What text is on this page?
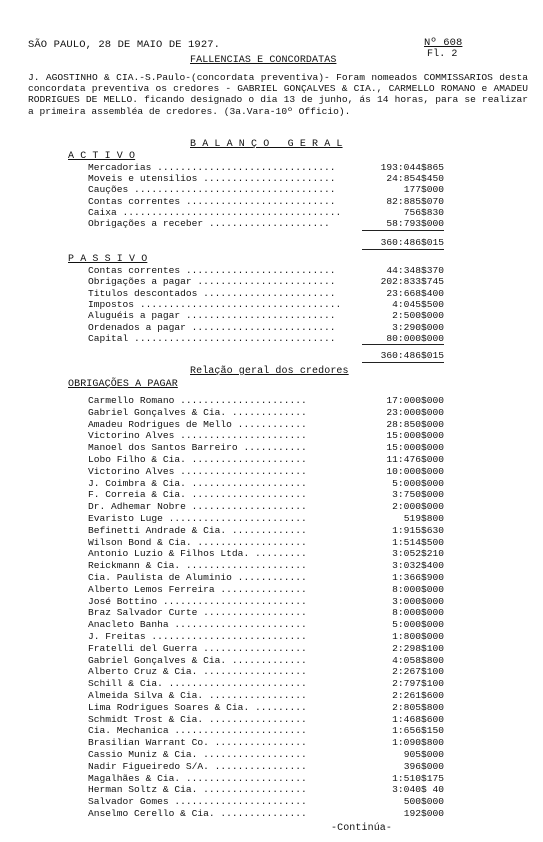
SÃO PAULO, 28 DE MAIO DE 1927.	Nº 608
Fl. 2
FALLENCIAS E CONCORDATAS
J. AGOSTINHO & CIA.-S.Paulo-(concordata preventiva)- Foram nomeados COMMISSARIOS desta concordata preventiva os credores - GABRIEL GONÇALVES & CIA., CARMELLO ROMANO e AMADEU RODRIGUES DE MELLO. ficando designado o dia 13 de junho, ás 14 horas, para se realizar a primeira assembléa de credores. (3a.Vara-10º Officio).
B A L A N Ç O   G E R A L
A C T I V O
Mercadorias ...............................	193:044$865
Moveis e utensilios .......................	24:854$450
Cauções ...................................	177$000
Contas correntes ..........................	82:885$070
Caixa ......................................	756$830
Obrigações a receber .....................	58:793$000
360:486$015
P A S S I V O
Contas correntes ..........................	44:348$370
Obrigações a pagar ........................	202:833$745
Titulos descontados .......................	23:668$400
Impostos ...................................	4:045$500
Aluguéis a pagar ..........................	2:500$000
Ordenados a pagar .........................	3:290$000
Capital ...................................	80:000$000
360:486$015
Relação geral dos credores
OBRIGAÇÕES A PAGAR
Carmello Romano ......................	17:000$000
Gabriel Gonçalves & Cia. .............	23:000$000
Amadeu Rodrigues de Mello ............	28:850$000
Victorino Alves ......................	15:000$000
Manoel dos Santos Barreiro ...........	15:000$000
Lobo Filho & Cia. ....................	11:476$000
Victorino Alves ......................	10:000$000
J. Coimbra & Cia. ....................	5:000$000
F. Correia & Cia. ....................	3:750$000
Dr. Adhemar Nobre ....................	2:000$000
Evaristo Luge ........................	519$800
Befinetti Andrade & Cia. .............	1:915$630
Wilson Bond & Cia. ...................	1:514$500
Antonio Luzio & Filhos Ltda. .........	3:052$210
Reickmann & Cia. .....................	3:032$400
Cia. Paulista de Aluminio ............	1:366$900
Alberto Lemos Ferreira ...............	8:000$000
José Bottino .........................	3:000$000
Braz Salvador Curte ..................	8:000$000
Anacleto Banha .......................	5:000$000
J. Freitas ...........................	1:800$000
Fratelli del Guerra ..................	2:298$100
Gabriel Gonçalves & Cia. .............	4:058$800
Alberto Cruz & Cia. ..................	2:267$100
Schill & Cia. ........................	2:797$100
Almeida Silva & Cia. .................	2:261$600
Lima Rodrigues Soares & Cia. .........	2:805$800
Schmidt Trost & Cia. .................	1:468$600
Cia. Mechanica .......................	1:656$150
Brasilian Warrant Co. ................	1:090$800
Cassio Muniz & Cia. ..................	905$000
Nadir Figueiredo S/A. ................	396$000
Magalhães & Cia. .....................	1:510$175
Herman Soltz & Cia. ..................	3:040$ 40
Salvador Gomes .......................	500$000
Anselmo Cerello & Cia. ...............	192$000
-Continúa-
